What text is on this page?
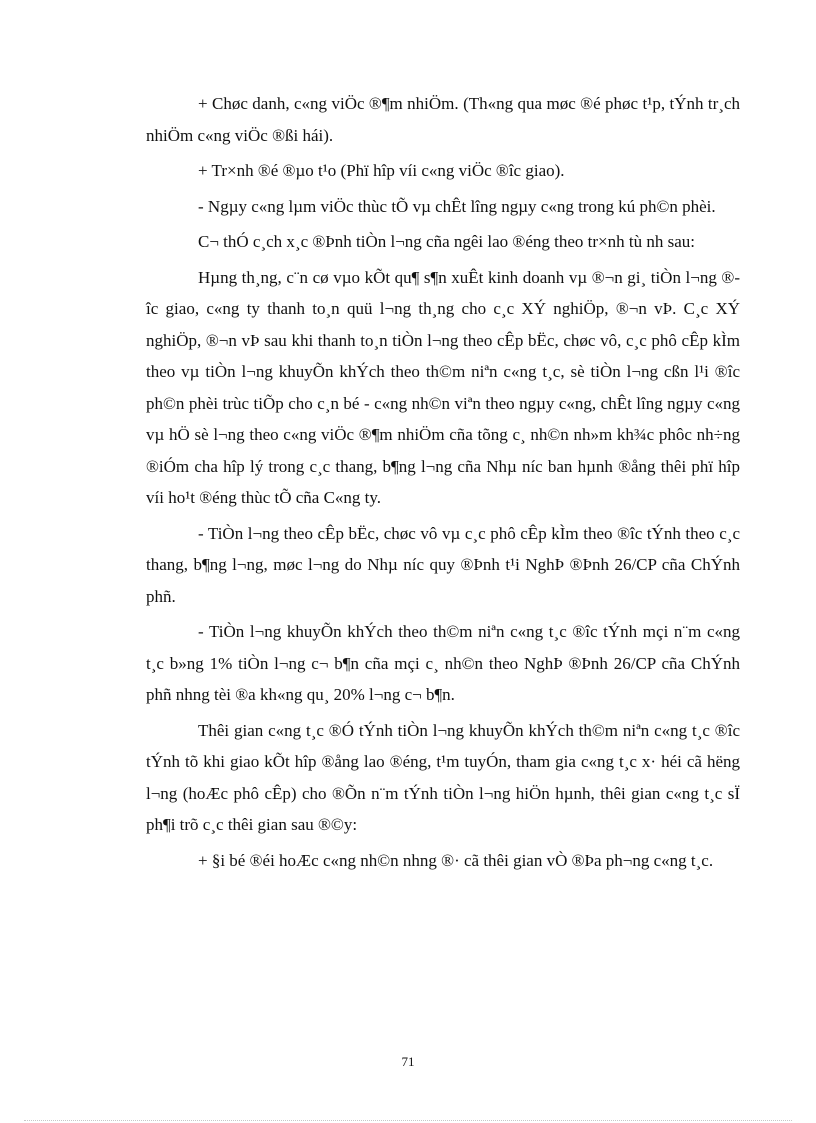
+ Chøc danh, c«ng viÖc ®¶m nhiÖm. (Th«ng qua møc ®é phøc t¹p, tÝnh tr¸ch nhiÖm c«ng viÖc ®ßi hái).

+ Tr×nh ®é ®µo t¹o (Phï hîp víi c«ng viÖc ®îc giao).

- Ngµy c«ng lµm viÖc thùc tÕ vµ chÊt lîng ngµy c«ng trong kú ph©n phèi.

C¬ thÓ c¸ch x¸c ®Þnh tiÒn l¬ng cña ngêi lao ®éng theo tr×nh tù nh sau:

Hµng th¸ng, c¨n cø vµo kÕt qu¶ s¶n xuÊt kinh doanh vµ ®¬n gi¸ tiÒn l¬ng ®îc giao, c«ng ty thanh to¸n quü l¬ng th¸ng cho c¸c XÝ nghiÖp, ®¬n vÞ. C¸c XÝ nghiÖp, ®¬n vÞ sau khi thanh to¸n tiÒn l¬ng theo cÊp bËc, chøc vô, c¸c phô cÊp kÌm theo vµ tiÒn l¬ng khuyÕn khÝch theo th©m niªn c«ng t¸c, sè tiÒn l¬ng cßn l¹i ®îc ph©n phèi trùc tiÕp cho c¸n bé - c«ng nh©n viªn theo ngµy c«ng, chÊt lîng ngµy c«ng vµ hÖ sè l¬ng theo c«ng viÖc ®¶m nhiÖm cña tõng c¸ nh©n nh»m kh¾c phôc nh÷ng ®iÓm cha hîp lý trong c¸c thang, b¶ng l¬ng cña Nhµ níc ban hµnh ®ång thêi phï hîp víi ho¹t ®éng thùc tÕ cña C«ng ty.

- TiÒn l¬ng theo cÊp bËc, chøc vô vµ c¸c phô cÊp kÌm theo ®îc tÝnh theo c¸c thang, b¶ng l¬ng, møc l¬ng do Nhµ níc quy ®Þnh t¹i NghÞ ®Þnh 26/CP cña ChÝnh phñ.

- TiÒn l¬ng khuyÕn khÝch theo th©m niªn c«ng t¸c ®îc tÝnh mçi n¨m c«ng t¸c b»ng 1% tiÒn l¬ng c¬ b¶n cña mçi c¸ nh©n theo NghÞ ®Þnh 26/CP cña ChÝnh phñ nhng tèi ®a kh«ng qu¸ 20% l¬ng c¬ b¶n.

Thêi gian c«ng t¸c ®Ó tÝnh tiÒn l¬ng khuyÕn khÝch th©m niªn c«ng t¸c ®îc tÝnh tõ khi giao kÕt hîp ®ång lao ®éng, t¹m tuyÓn, tham gia c«ng t¸c x· héi cã hëng l¬ng (hoÆc phô cÊp) cho ®Õn n¨m tÝnh tiÒn l¬ng hiÖn hµnh, thêi gian c«ng t¸c sÏ ph¶i trõ c¸c thêi gian sau ®©y:

+ §i bé ®éi hoÆc c«ng nh©n nhng ®· cã thêi gian vÒ ®Þa ph¬ng c«ng t¸c.

71
